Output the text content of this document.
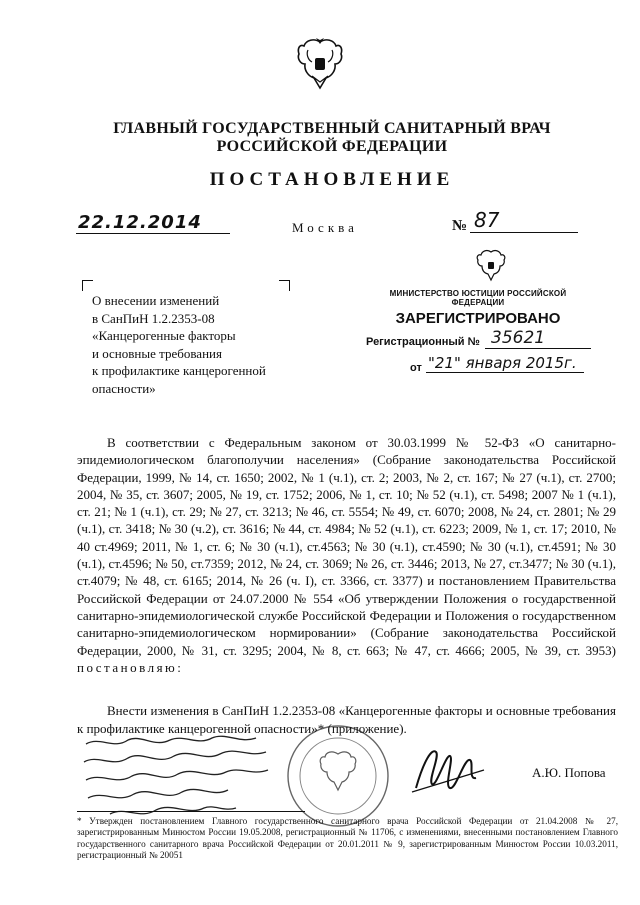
ГЛАВНЫЙ ГОСУДАРСТВЕННЫЙ САНИТАРНЫЙ ВРАЧ
РОССИЙСКОЙ ФЕДЕРАЦИИ
ПОСТАНОВЛЕНИЕ
22.12.2014	Москва	№ 87
О внесении изменений
в СанПиН 1.2.2353-08
«Канцерогенные факторы
и основные требования
к профилактике канцерогенной
опасности»
МИНИСТЕРСТВО ЮСТИЦИИ РОССИЙСКОЙ ФЕДЕРАЦИИ
ЗАРЕГИСТРИРОВАНО
Регистрационный № 35621
от "21" января 2015г.

В соответствии с Федеральным законом от 30.03.1999 № 52-ФЗ «О санитарно-эпидемиологическом благополучии населения» (Собрание законодательства Российской Федерации, 1999, № 14, ст. 1650; 2002, № 1 (ч.1), ст. 2; 2003, № 2, ст. 167; № 27 (ч.1), ст. 2700; 2004, № 35, ст. 3607; 2005, № 19, ст. 1752; 2006, № 1, ст. 10; № 52 (ч.1), ст. 5498; 2007 № 1 (ч.1), ст. 21; № 1 (ч.1), ст. 29; № 27, ст. 3213; № 46, ст. 5554; № 49, ст. 6070; 2008, № 24, ст. 2801; № 29 (ч.1), ст. 3418; № 30 (ч.2), ст. 3616; № 44, ст. 4984; № 52 (ч.1), ст. 6223; 2009, № 1, ст. 17; 2010, № 40 ст.4969; 2011, № 1, ст. 6; № 30 (ч.1), ст.4563; № 30 (ч.1), ст.4590; № 30 (ч.1), ст.4591; № 30 (ч.1), ст.4596; № 50, ст.7359; 2012, № 24, ст. 3069; № 26, ст. 3446; 2013, № 27, ст.3477; № 30 (ч.1), ст.4079; № 48, ст. 6165; 2014, № 26 (ч. I), ст. 3366, ст. 3377) и постановлением Правительства Российской Федерации от 24.07.2000 № 554 «Об утверждении Положения о государственной санитарно-эпидемиологической службе Российской Федерации и Положения о государственном санитарно-эпидемиологическом нормировании» (Собрание законодательства Российской Федерации, 2000, № 31, ст. 3295; 2004, № 8, ст. 663; № 47, ст. 4666; 2005, № 39, ст. 3953) постановляю:

Внести изменения в СанПиН 1.2.2353-08 «Канцерогенные факторы и основные требования к профилактике канцерогенной опасности»* (приложение).
А.Ю. Попова

* Утвержден постановлением Главного государственного санитарного врача Российской Федерации от 21.04.2008 № 27, зарегистрированным Минюстом России 19.05.2008, регистрационный № 11706, с изменениями, внесенными постановлением Главного государственного санитарного врача Российской Федерации от 20.01.2011 № 9, зарегистрированным Минюстом России 10.03.2011, регистрационный № 20051
